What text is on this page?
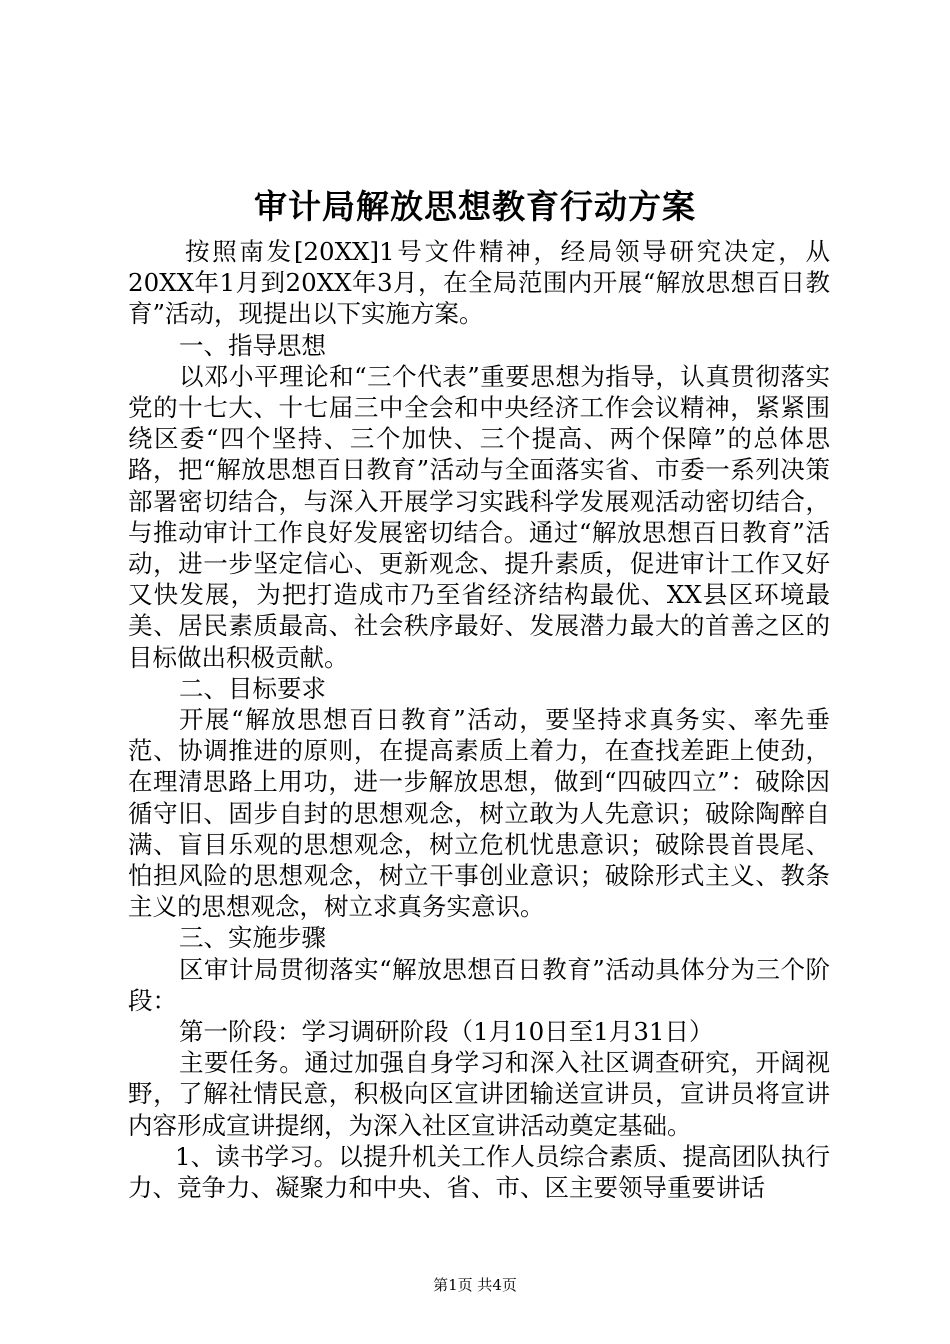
审计局解放思想教育行动方案

按照南发[20XX]1号文件精神，经局领导研究决定，从20XX年1月到20XX年3月，在全局范围内开展“解放思想百日教育”活动，现提出以下实施方案。

一、指导思想

以邓小平理论和“三个代表”重要思想为指导，认真贯彻落实党的十七大、十七届三中全会和中央经济工作会议精神，紧紧围绕区委“四个坚持、三个加快、三个提高、两个保障”的总体思路，把“解放思想百日教育”活动与全面落实省、市委一系列决策部署密切结合，与深入开展学习实践科学发展观活动密切结合，与推动审计工作良好发展密切结合。通过“解放思想百日教育”活动，进一步坚定信心、更新观念、提升素质，促进审计工作又好又快发展，为把打造成市乃至省经济结构最优、XX县区环境最美、居民素质最高、社会秩序最好、发展潜力最大的首善之区的目标做出积极贡献。

二、目标要求

开展“解放思想百日教育”活动，要坚持求真务实、率先垂范、协调推进的原则，在提高素质上着力，在查找差距上使劲，在理清思路上用功，进一步解放思想，做到“四破四立”：破除因循守旧、固步自封的思想观念，树立敢为人先意识；破除陶醉自满、盲目乐观的思想观念，树立危机忧患意识；破除畏首畏尾、怕担风险的思想观念，树立干事创业意识；破除形式主义、教条主义的思想观念，树立求真务实意识。

三、实施步骤

区审计局贯彻落实“解放思想百日教育”活动具体分为三个阶段：

第一阶段：学习调研阶段（1月10日至1月31日）

主要任务。通过加强自身学习和深入社区调查研究，开阔视野，了解社情民意，积极向区宣讲团输送宣讲员，宣讲员将宣讲内容形成宣讲提纲，为深入社区宣讲活动奠定基础。

1、读书学习。以提升机关工作人员综合素质、提高团队执行力、竞争力、凝聚力和中央、省、市、区主要领导重要讲话

第1页 共4页
